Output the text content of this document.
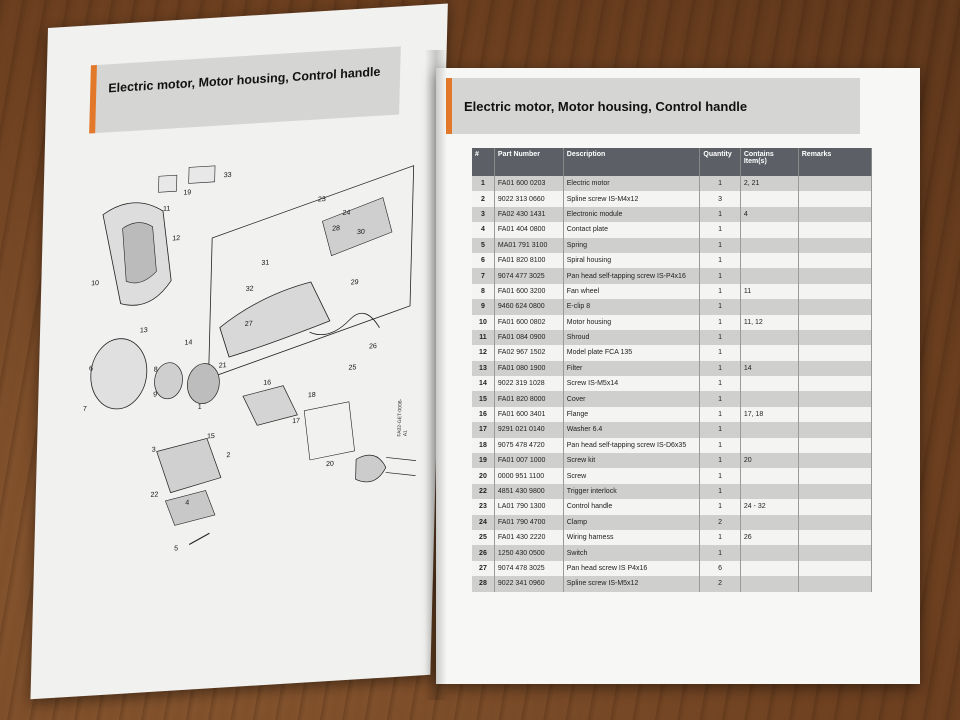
Electric motor, Motor housing, Control handle
19
11
33
12
10
23
31
24
28 30
32
27
29
26
25
13
14
6
7
8
9
1
21
16
18
17
20
3
15
22
4
5
2
FA02-GET-0008-A1
Electric motor, Motor housing, Control handle
#	Part Number	Description	Quantity	Contains Item(s)	Remarks
1	FA01 600 0203	Electric motor	1	2, 21	
2	9022 313 0660	Spline screw IS-M4x12	3		
3	FA02 430 1431	Electronic module	1	4	
4	FA01 404 0800	Contact plate	1		
5	MA01 791 3100	Spring	1		
6	FA01 820 8100	Spiral housing	1		
7	9074 477 3025	Pan head self-tapping screw IS-P4x16	1		
8	FA01 600 3200	Fan wheel	1	11	
9	9460 624 0800	E-clip 8	1		
10	FA01 600 0802	Motor housing	1	11, 12	
11	FA01 084 0900	Shroud	1		
12	FA02 967 1502	Model plate FCA 135	1		
13	FA01 080 1900	Filter	1	14	
14	9022 319 1028	Screw IS-M5x14	1		
15	FA01 820 8000	Cover	1		
16	FA01 600 3401	Flange	1	17, 18	
17	9291 021 0140	Washer 6.4	1		
18	9075 478 4720	Pan head self-tapping screw IS-D6x35	1		
19	FA01 007 1000	Screw kit	1	20	
20	0000 951 1100	Screw	1		
22	4851 430 9800	Trigger interlock	1		
23	LA01 790 1300	Control handle	1	24 - 32	
24	FA01 790 4700	Clamp	2		
25	FA01 430 2220	Wiring harness	1	26	
26	1250 430 0500	Switch	1		
27	9074 478 3025	Pan head screw IS P4x16	6		
28	9022 341 0960	Spline screw IS-M5x12	2		
